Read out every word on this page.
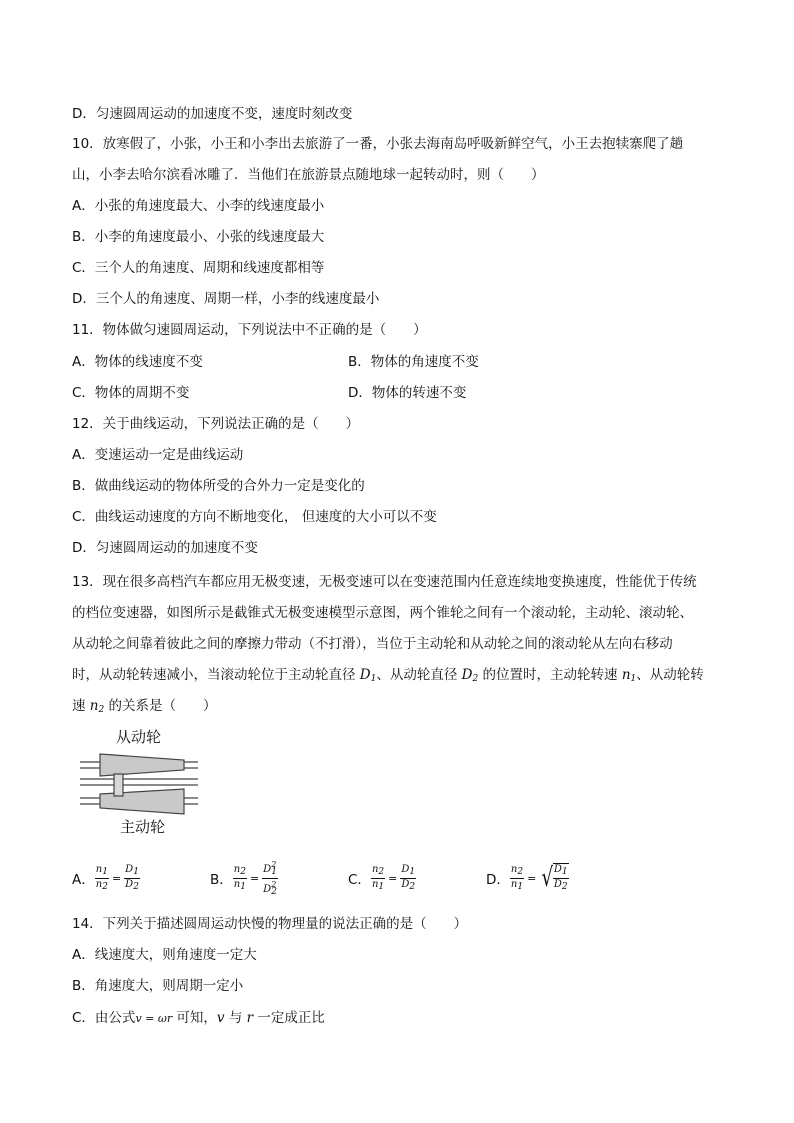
D．匀速圆周运动的加速度不变，速度时刻改变
10．放寒假了，小张，小王和小李出去旅游了一番，小张去海南岛呼吸新鲜空气，小王去抱犊寨爬了趟
山，小李去哈尔滨看冰雕了．当他们在旅游景点随地球一起转动时，则（　　）
A．小张的角速度最大、小李的线速度最小
B．小李的角速度最小、小张的线速度最大
C．三个人的角速度、周期和线速度都相等
D．三个人的角速度、周期一样，小李的线速度最小
11．物体做匀速圆周运动，下列说法中不正确的是（　　）
A．物体的线速度不变	B．物体的角速度不变
C．物体的周期不变	D．物体的转速不变
12．关于曲线运动，下列说法正确的是（　　）
A．变速运动一定是曲线运动
B．做曲线运动的物体所受的合外力一定是变化的
C．曲线运动速度的方向不断地变化， 但速度的大小可以不变
D．匀速圆周运动的加速度不变
13．现在很多高档汽车都应用无极变速，无极变速可以在变速范围内任意连续地变换速度，性能优于传统
的档位变速器，如图所示是截锥式无极变速模型示意图，两个锥轮之间有一个滚动轮，主动轮、滚动轮、
从动轮之间靠着彼此之间的摩擦力带动（不打滑），当位于主动轮和从动轮之间的滚动轮从左向右移动
时，从动轮转速减小，当滚动轮位于主动轮直径 $D_1$、从动轮直径 $D_2$ 的位置时，主动轮转速 $n_1$、从动轮转
速 $n_2$ 的关系是（　　）
从动轮
主动轮
A． $\frac{n_1}{n_2} = \frac{D_1}{D_2}$	B． $\frac{n_2}{n_1} = \frac{D^2_1}{D^2_2}$	C． $\frac{n_2}{n_1} = \frac{D_1}{D_2}$	D． $\frac{n_2}{n_1}$ = √ $\frac{D_1}{D_2}$
14．下列关于描述圆周运动快慢的物理量的说法正确的是（　　）
A．线速度大，则角速度一定大
B．角速度大，则周期一定小
C．由公式v = ωr 可知，v 与 r 一定成正比
